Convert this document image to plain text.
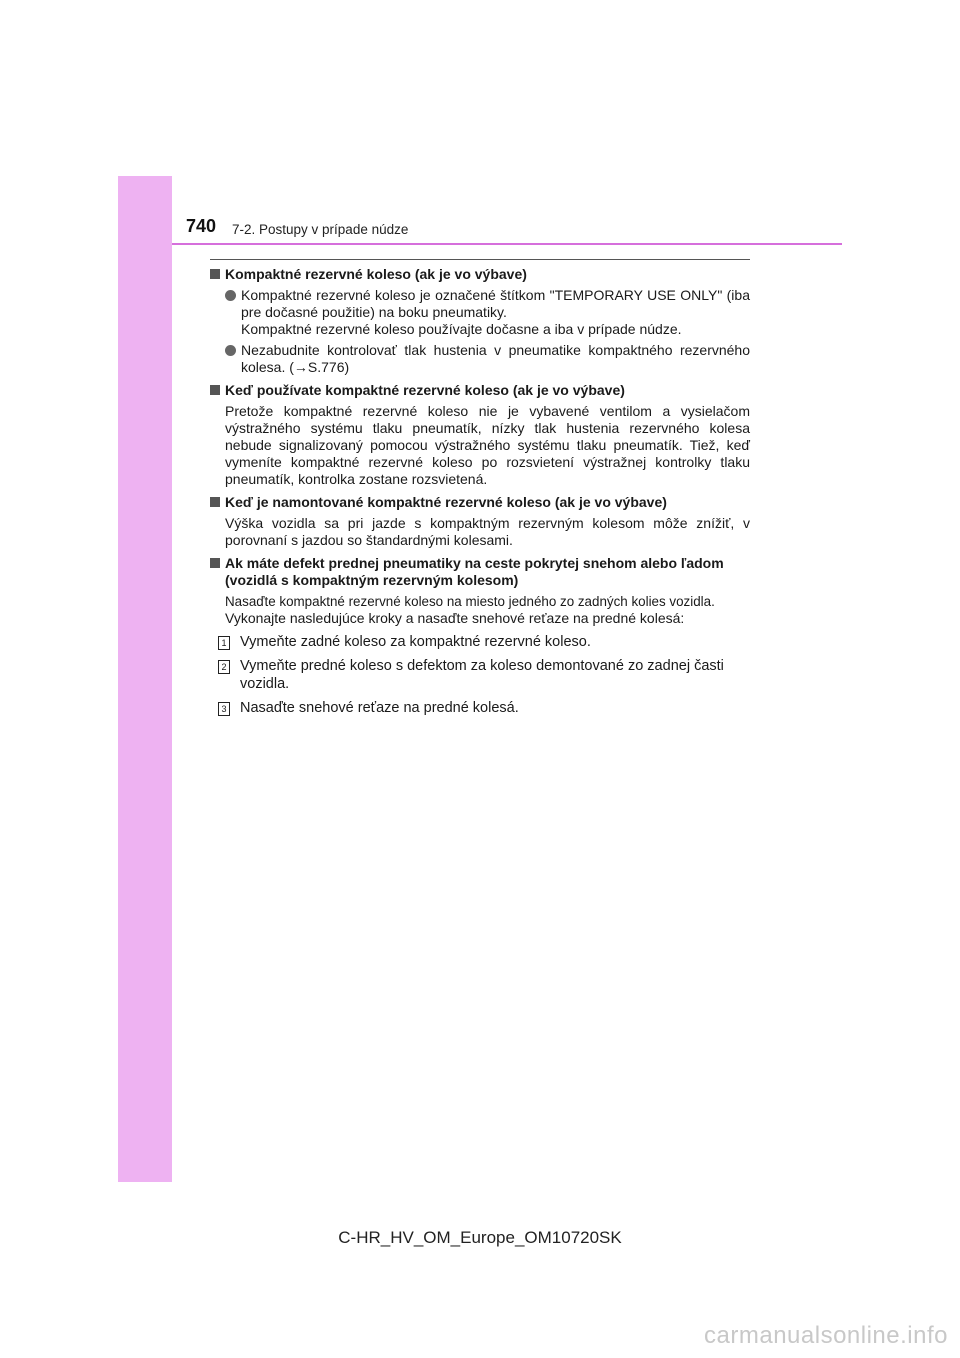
740 7-2. Postupy v prípade núdze
Kompaktné rezervné koleso (ak je vo výbave)
Kompaktné rezervné koleso je označené štítkom "TEMPORARY USE ONLY" (iba pre dočasné použitie) na boku pneumatiky.
Kompaktné rezervné koleso používajte dočasne a iba v prípade núdze.
Nezabudnite kontrolovať tlak hustenia v pneumatike kompaktného rezervného kolesa. (→S.776)
Keď používate kompaktné rezervné koleso (ak je vo výbave)
Pretože kompaktné rezervné koleso nie je vybavené ventilom a vysielačom výstražného systému tlaku pneumatík, nízky tlak hustenia rezervného kolesa nebude signalizovaný pomocou výstražného systému tlaku pneumatík. Tiež, keď vymeníte kompaktné rezervné koleso po rozsvietení výstražnej kontrolky tlaku pneumatík, kontrolka zostane rozsvietená.
Keď je namontované kompaktné rezervné koleso (ak je vo výbave)
Výška vozidla sa pri jazde s kompaktným rezervným kolesom môže znížiť, v porovnaní s jazdou so štandardnými kolesami.
Ak máte defekt prednej pneumatiky na ceste pokrytej snehom alebo ľadom (vozidlá s kompaktným rezervným kolesom)
Nasaďte kompaktné rezervné koleso na miesto jedného zo zadných kolies vozidla.
Vykonajte nasledujúce kroky a nasaďte snehové reťaze na predné kolesá:
1 Vymeňte zadné koleso za kompaktné rezervné koleso.
2 Vymeňte predné koleso s defektom za koleso demontované zo zadnej časti vozidla.
3 Nasaďte snehové reťaze na predné kolesá.
C-HR_HV_OM_Europe_OM10720SK
carmanualsonline.info
